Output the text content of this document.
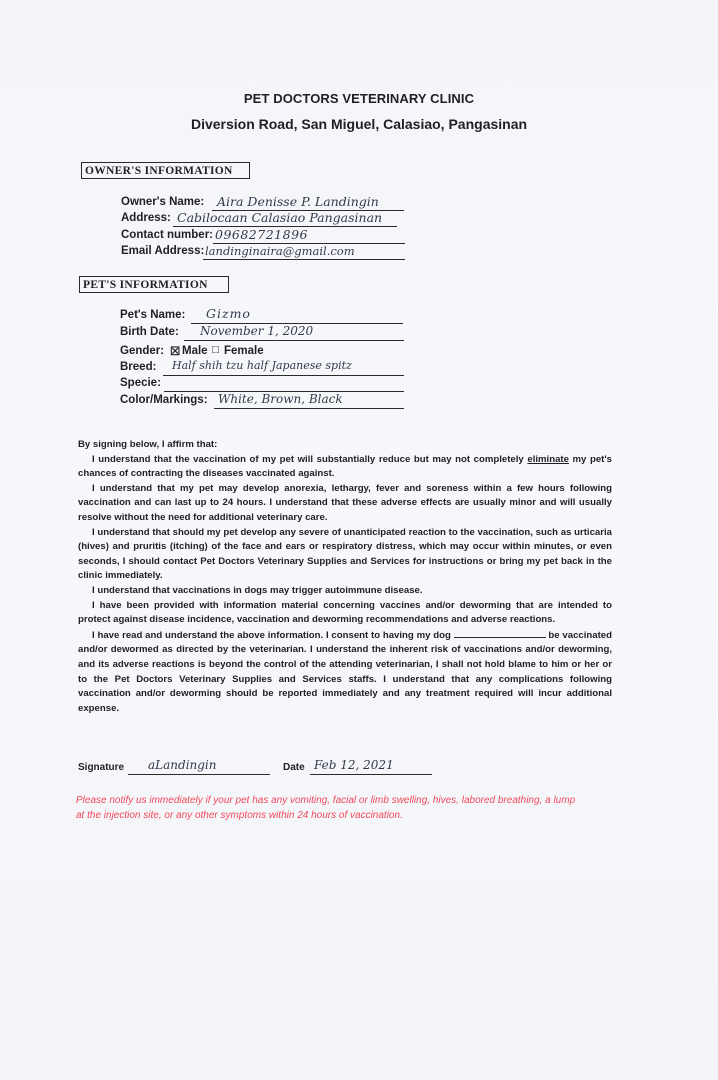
PET DOCTORS VETERINARY CLINIC
Diversion Road, San Miguel, Calasiao, Pangasinan
OWNER'S INFORMATION
Owner's Name: Aira Denisse P. Landingin
Address: Cabilocaan Calasiao Pangasinan
Contact number: 09682721896
Email Address: landinginaira@gmail.com
PET'S INFORMATION
Pet's Name: Gizmo
Birth Date: November 1, 2020
Gender: ☒ Male □ Female
Breed: Half shih tzu half Japanese spitz
Specie:
Color/Markings: White, Brown, Black

By signing below, I affirm that:

I understand that the vaccination of my pet will substantially reduce but may not completely eliminate my pet's chances of contracting the diseases vaccinated against.

I understand that my pet may develop anorexia, lethargy, fever and soreness within a few hours following vaccination and can last up to 24 hours. I understand that these adverse effects are usually minor and will usually resolve without the need for additional veterinary care.

I understand that should my pet develop any severe of unanticipated reaction to the vaccination, such as urticaria (hives) and pruritis (itching) of the face and ears or respiratory distress, which may occur within minutes, or even seconds, I should contact Pet Doctors Veterinary Supplies and Services for instructions or bring my pet back in the clinic immediately.

I understand that vaccinations in dogs may trigger autoimmune disease.

I have been provided with information material concerning vaccines and/or deworming that are intended to protect against disease incidence, vaccination and deworming recommendations and adverse reactions.

I have read and understand the above information. I consent to having my dog	be vaccinated and/or dewormed as directed by the veterinarian. I understand the inherent risk of vaccinations and/or deworming, and its adverse reactions is beyond the control of the attending veterinarian, I shall not hold blame to him or her or to the Pet Doctors Veterinary Supplies and Services staffs. I understand that any complications following vaccination and/or deworming should be reported immediately and any treatment required will incur additional expense.

Signature aLandingin	Date Feb 12, 2021

Please notify us immediately if your pet has any vomiting, facial or limb swelling, hives, labored breathing, a lump at the injection site, or any other symptoms within 24 hours of vaccination.
